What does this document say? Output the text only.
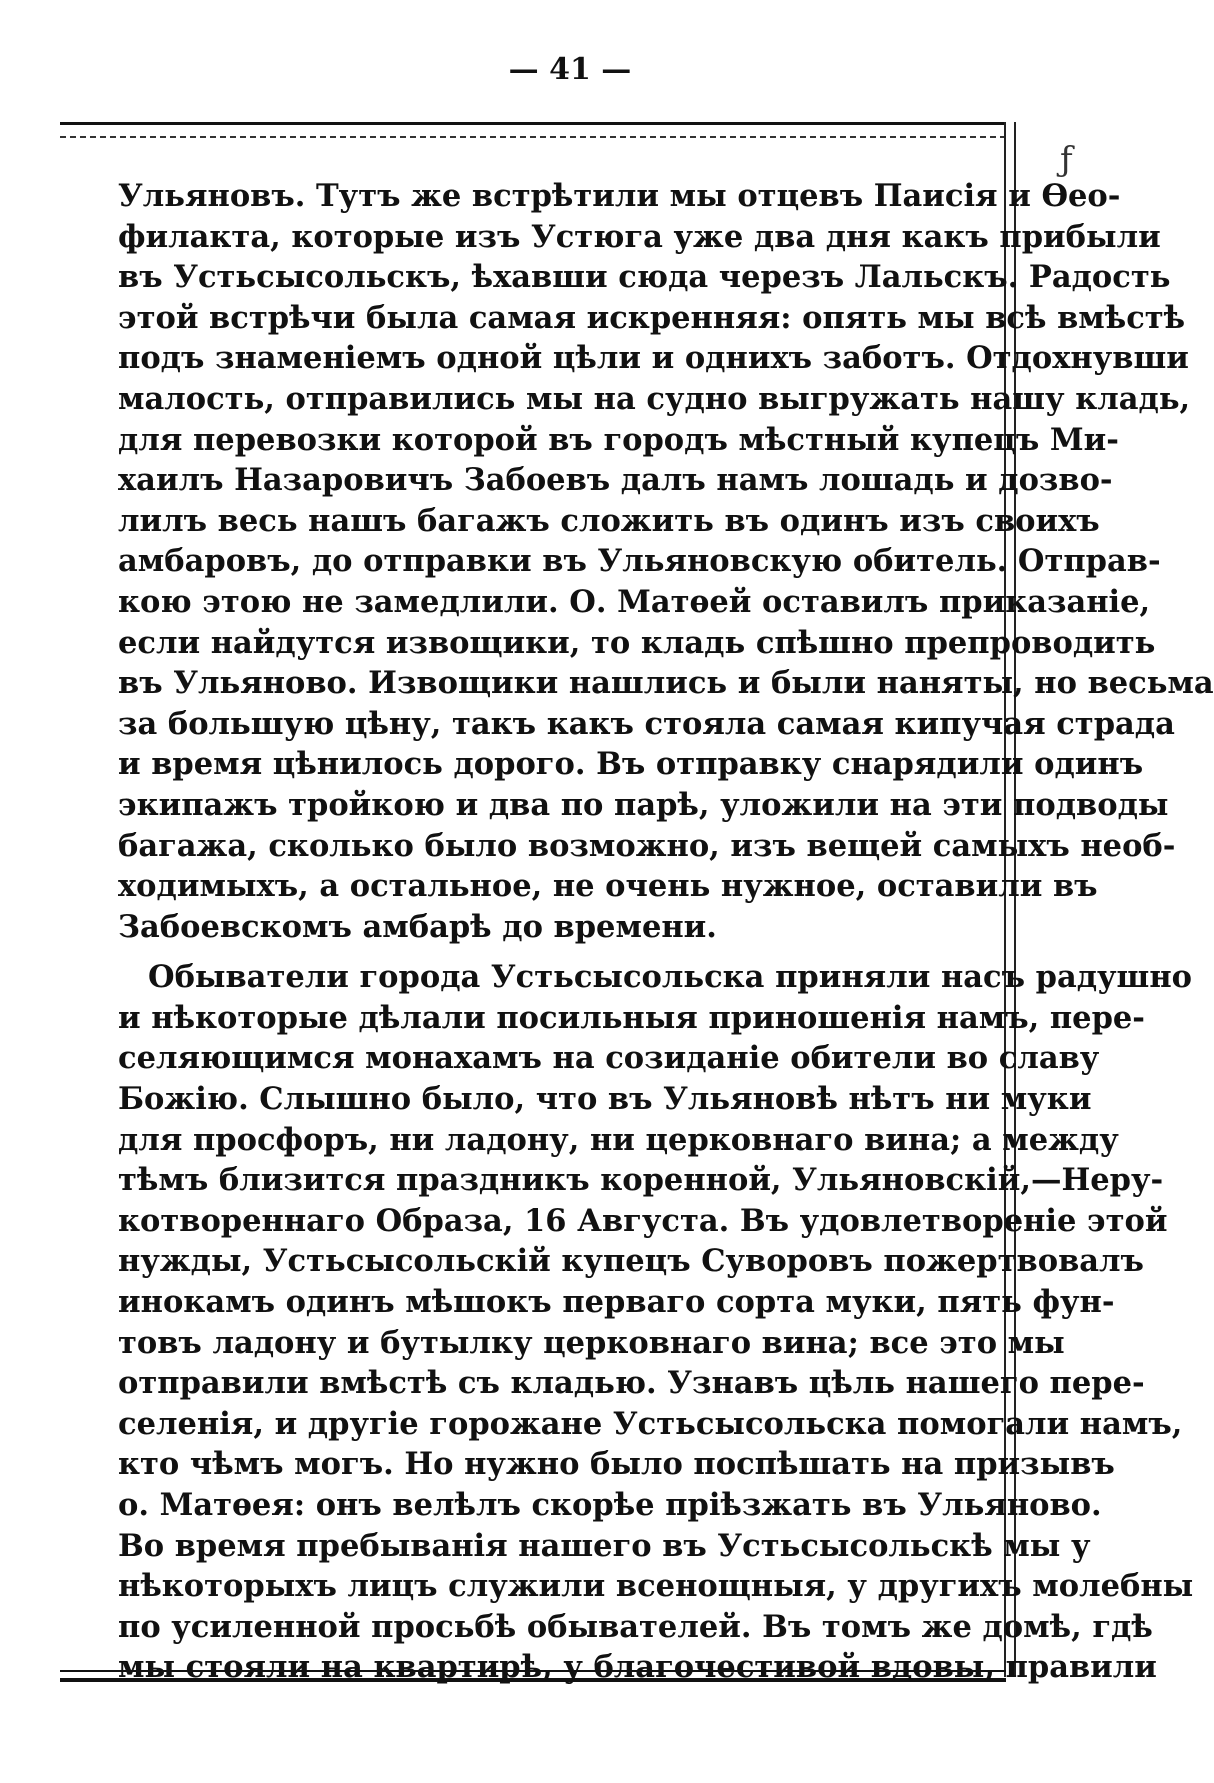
— 41 —
ƒ
Ульяновъ. Тутъ же встрѣтили мы отцевъ Паисія и Ѳео-
филакта, которые изъ Устюга уже два дня какъ прибыли
въ Устьсысольскъ, ѣхавши сюда черезъ Лальскъ. Радость
этой встрѣчи была самая искренняя: опять мы всѣ вмѣстѣ
подъ знаменіемъ одной цѣли и однихъ заботъ. Отдохнувши
малость, отправились мы на судно выгружать нашу кладь,
для перевозки которой въ городъ мѣстный купецъ Ми-
хаилъ Назаровичъ Забоевъ далъ намъ лошадь и дозво-
лилъ весь нашъ багажъ сложить въ одинъ изъ своихъ
амбаровъ, до отправки въ Ульяновскую обитель. Отправ-
кою этою не замедлили. О. Матѳей оставилъ приказаніе,
если найдутся извощики, то кладь спѣшно препроводить
въ Ульяново. Извощики нашлись и были наняты, но весьма
за большую цѣну, такъ какъ стояла самая кипучая страда
и время цѣнилось дорого. Въ отправку снарядили одинъ
экипажъ тройкою и два по парѣ, уложили на эти подводы
багажа, сколько было возможно, изъ вещей самыхъ необ-
ходимыхъ, а остальное, не очень нужное, оставили въ
Забоевскомъ амбарѣ до времени.
Обыватели города Устьсысольска приняли насъ радушно
и нѣкоторые дѣлали посильныя приношенія намъ, пере-
селяющимся монахамъ на созиданіе обители во славу
Божію. Слышно было, что въ Ульяновѣ нѣтъ ни муки
для просфоръ, ни ладону, ни церковнаго вина; а между
тѣмъ близится праздникъ коренной, Ульяновскій,—Неру-
котвореннаго Образа, 16 Августа. Въ удовлетвореніе этой
нужды, Устьсысольскій купецъ Суворовъ пожертвовалъ
инокамъ одинъ мѣшокъ перваго сорта муки, пять фун-
товъ ладону и бутылку церковнаго вина; все это мы
отправили вмѣстѣ съ кладью. Узнавъ цѣль нашего пере-
селенія, и другіе горожане Устьсысольска помогали намъ,
кто чѣмъ могъ. Но нужно было поспѣшать на призывъ
о. Матѳея: онъ велѣлъ скорѣе пріѣзжать въ Ульяново.
Во время пребыванія нашего въ Устьсысольскѣ мы у
нѣкоторыхъ лицъ служили всенощныя, у другихъ молебны
по усиленной просьбѣ обывателей. Въ томъ же домѣ, гдѣ
мы стояли на квартирѣ, у благочестивой вдовы, правили
